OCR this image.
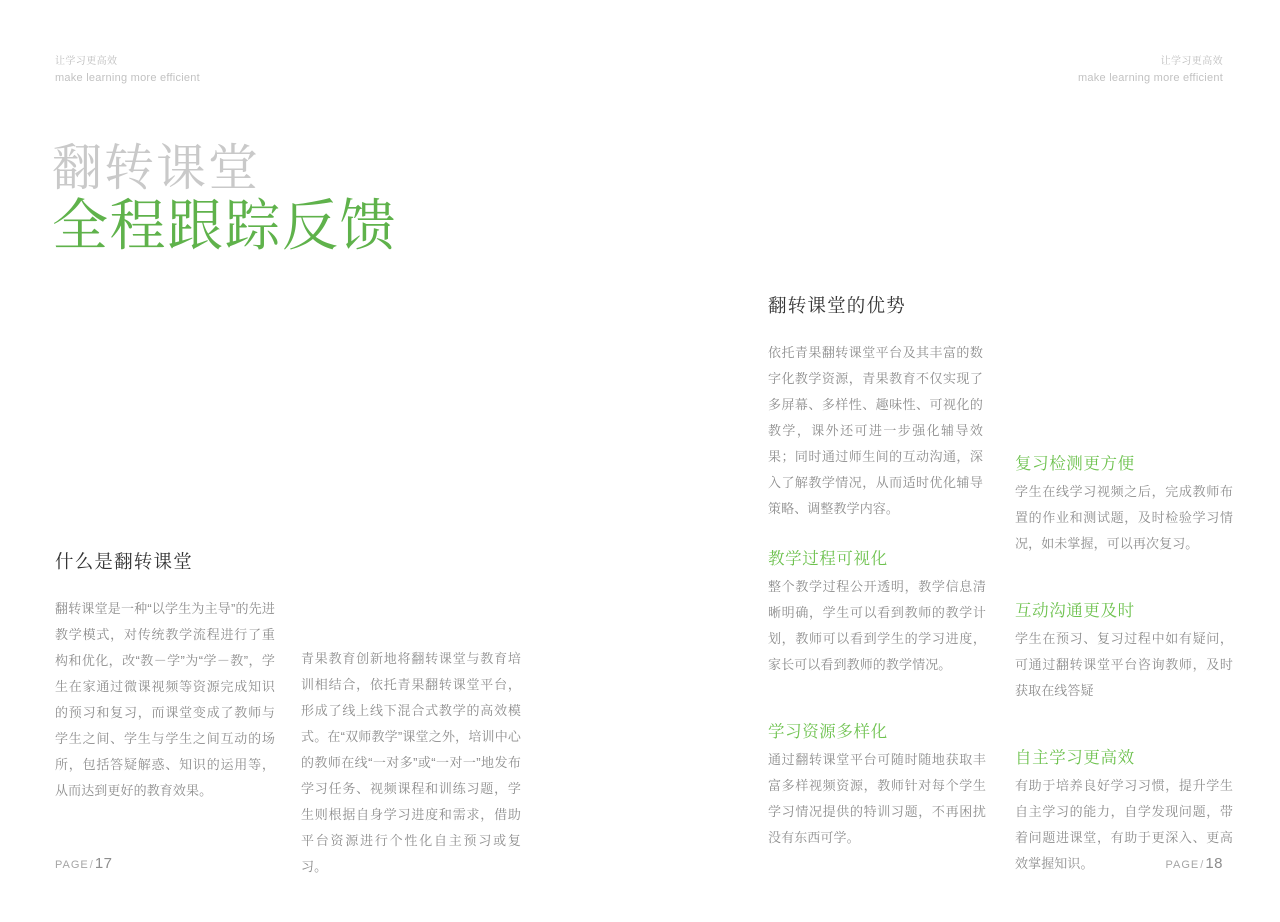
让学习更高效
make learning more efficient
翻转课堂
全程跟踪反馈
什么是翻转课堂

翻转课堂是一种“以学生为主导”的先进教学模式，对传统教学流程进行了重构和优化，改“教－学”为“学－教”，学生在家通过微课视频等资源完成知识的预习和复习，而课堂变成了教师与学生之间、学生与学生之间互动的场所，包括答疑解惑、知识的运用等，从而达到更好的教育效果。

青果教育创新地将翻转课堂与教育培训相结合，依托青果翻转课堂平台，形成了线上线下混合式教学的高效模式。在“双师教学”课堂之外，培训中心的教师在线“一对多”或“一对一”地发布学习任务、视频课程和训练习题，学生则根据自身学习进度和需求，借助平台资源进行个性化自主预习或复习。

PAGE/17
让学习更高效
make learning more efficient
翻转课堂的优势

依托青果翻转课堂平台及其丰富的数字化教学资源，青果教育不仅实现了多屏幕、多样性、趣味性、可视化的教学，课外还可进一步强化辅导效果；同时通过师生间的互动沟通，深入了解教学情况，从而适时优化辅导策略、调整教学内容。

教学过程可视化

整个教学过程公开透明，教学信息清晰明确，学生可以看到教师的教学计划，教师可以看到学生的学习进度，家长可以看到教师的教学情况。

学习资源多样化

通过翻转课堂平台可随时随地获取丰富多样视频资源，教师针对每个学生学习情况提供的特训习题，不再困扰没有东西可学。

复习检测更方便

学生在线学习视频之后，完成教师布置的作业和测试题，及时检验学习情况，如未掌握，可以再次复习。

互动沟通更及时

学生在预习、复习过程中如有疑问，可通过翻转课堂平台咨询教师，及时获取在线答疑

自主学习更高效

有助于培养良好学习习惯，提升学生自主学习的能力，自学发现问题，带着问题进课堂，有助于更深入、更高效掌握知识。	PAGE/18
